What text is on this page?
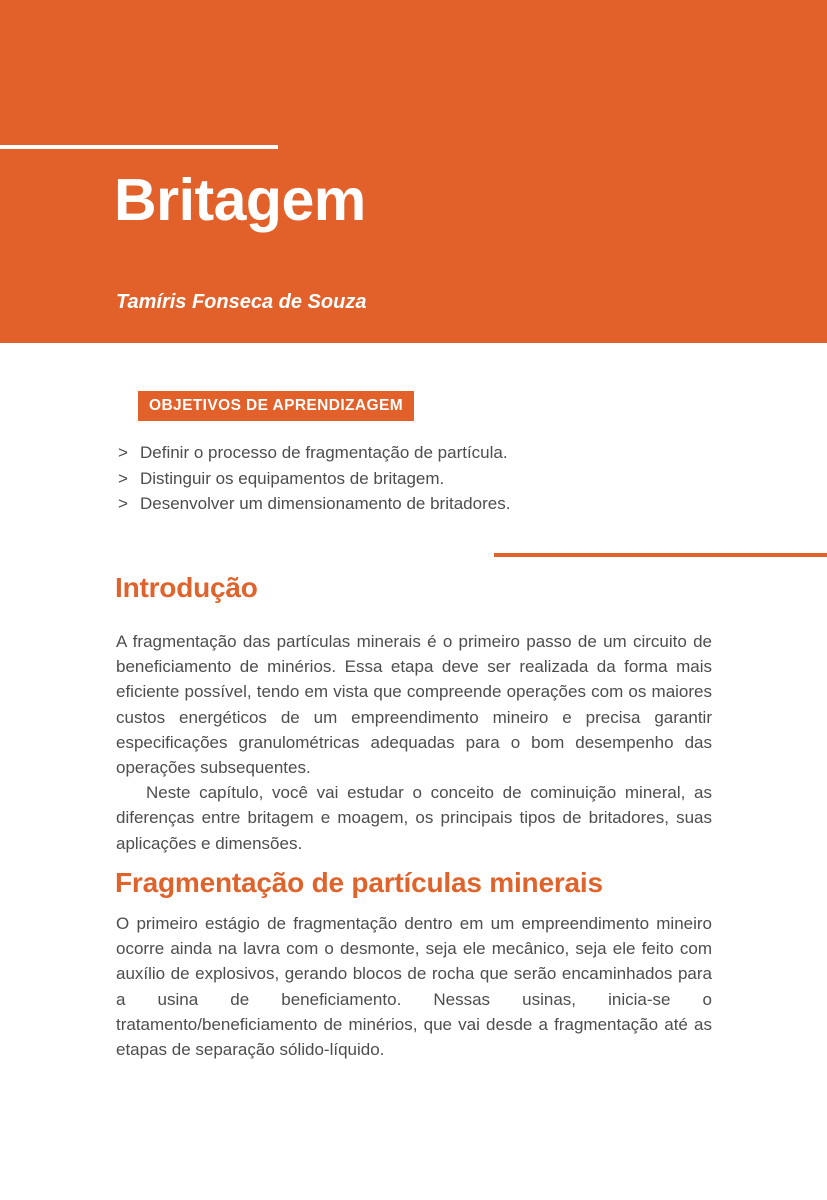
Britagem

Tamíris Fonseca de Souza

OBJETIVOS DE APRENDIZAGEM
> Definir o processo de fragmentação de partícula.
> Distinguir os equipamentos de britagem.
> Desenvolver um dimensionamento de britadores.
Introdução

A fragmentação das partículas minerais é o primeiro passo de um circuito de beneficiamento de minérios. Essa etapa deve ser realizada da forma mais eficiente possível, tendo em vista que compreende operações com os maiores custos energéticos de um empreendimento mineiro e precisa garantir especificações granulométricas adequadas para o bom desempenho das operações subsequentes.

Neste capítulo, você vai estudar o conceito de cominuição mineral, as diferenças entre britagem e moagem, os principais tipos de britadores, suas aplicações e dimensões.

Fragmentação de partículas minerais

O primeiro estágio de fragmentação dentro em um empreendimento mineiro ocorre ainda na lavra com o desmonte, seja ele mecânico, seja ele feito com auxílio de explosivos, gerando blocos de rocha que serão encaminhados para a usina de beneficiamento. Nessas usinas, inicia-se o tratamento/beneficiamento de minérios, que vai desde a fragmentação até as etapas de separação sólido-líquido.
